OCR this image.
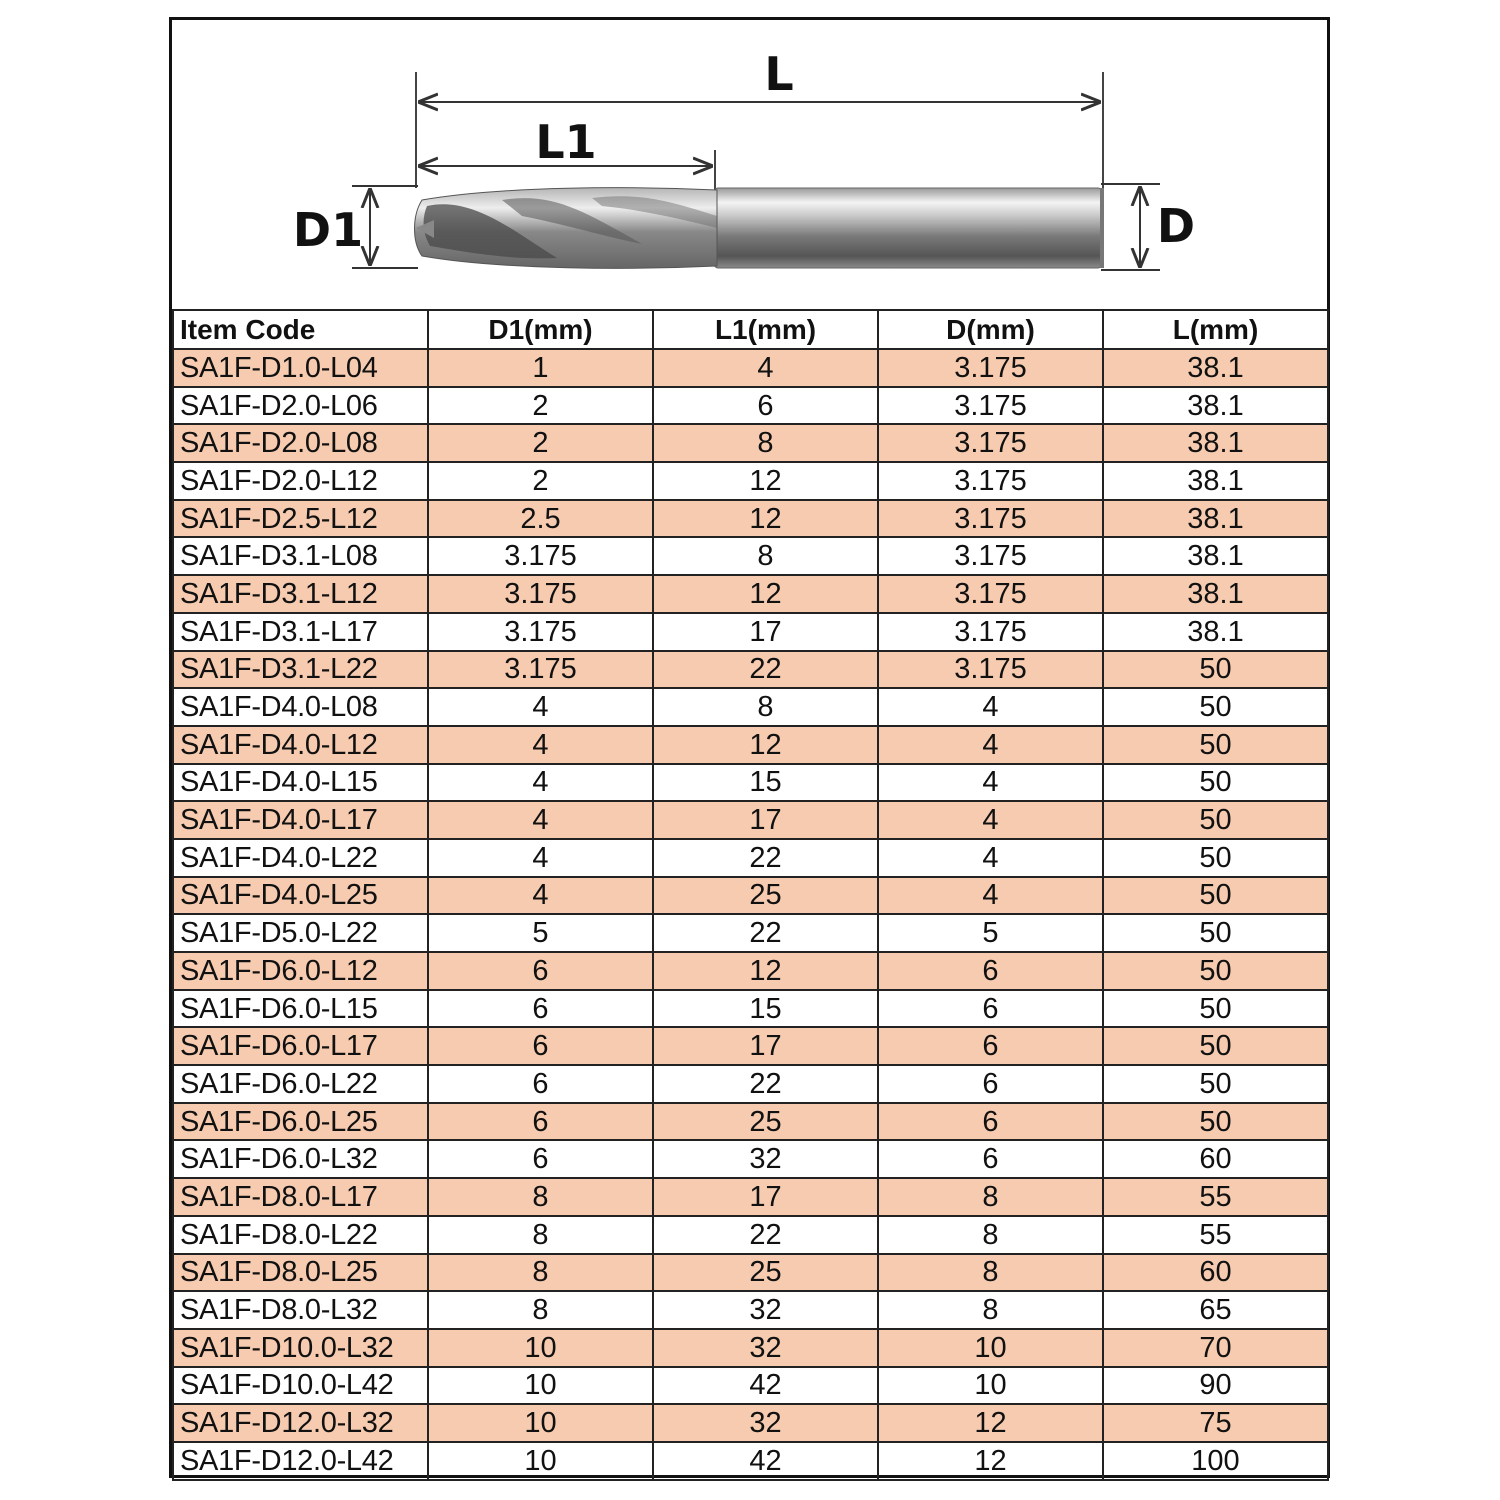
L
L1
D1	D
Item Code	D1(mm)	L1(mm)	D(mm)	L(mm)
SA1F-D1.0-L04	1	4	3.175	38.1
SA1F-D2.0-L06	2	6	3.175	38.1
SA1F-D2.0-L08	2	8	3.175	38.1
SA1F-D2.0-L12	2	12	3.175	38.1
SA1F-D2.5-L12	2.5	12	3.175	38.1
SA1F-D3.1-L08	3.175	8	3.175	38.1
SA1F-D3.1-L12	3.175	12	3.175	38.1
SA1F-D3.1-L17	3.175	17	3.175	38.1
SA1F-D3.1-L22	3.175	22	3.175	50
SA1F-D4.0-L08	4	8	4	50
SA1F-D4.0-L12	4	12	4	50
SA1F-D4.0-L15	4	15	4	50
SA1F-D4.0-L17	4	17	4	50
SA1F-D4.0-L22	4	22	4	50
SA1F-D4.0-L25	4	25	4	50
SA1F-D5.0-L22	5	22	5	50
SA1F-D6.0-L12	6	12	6	50
SA1F-D6.0-L15	6	15	6	50
SA1F-D6.0-L17	6	17	6	50
SA1F-D6.0-L22	6	22	6	50
SA1F-D6.0-L25	6	25	6	50
SA1F-D6.0-L32	6	32	6	60
SA1F-D8.0-L17	8	17	8	55
SA1F-D8.0-L22	8	22	8	55
SA1F-D8.0-L25	8	25	8	60
SA1F-D8.0-L32	8	32	8	65
SA1F-D10.0-L32	10	32	10	70
SA1F-D10.0-L42	10	42	10	90
SA1F-D12.0-L32	10	32	12	75
SA1F-D12.0-L42	10	42	12	100
